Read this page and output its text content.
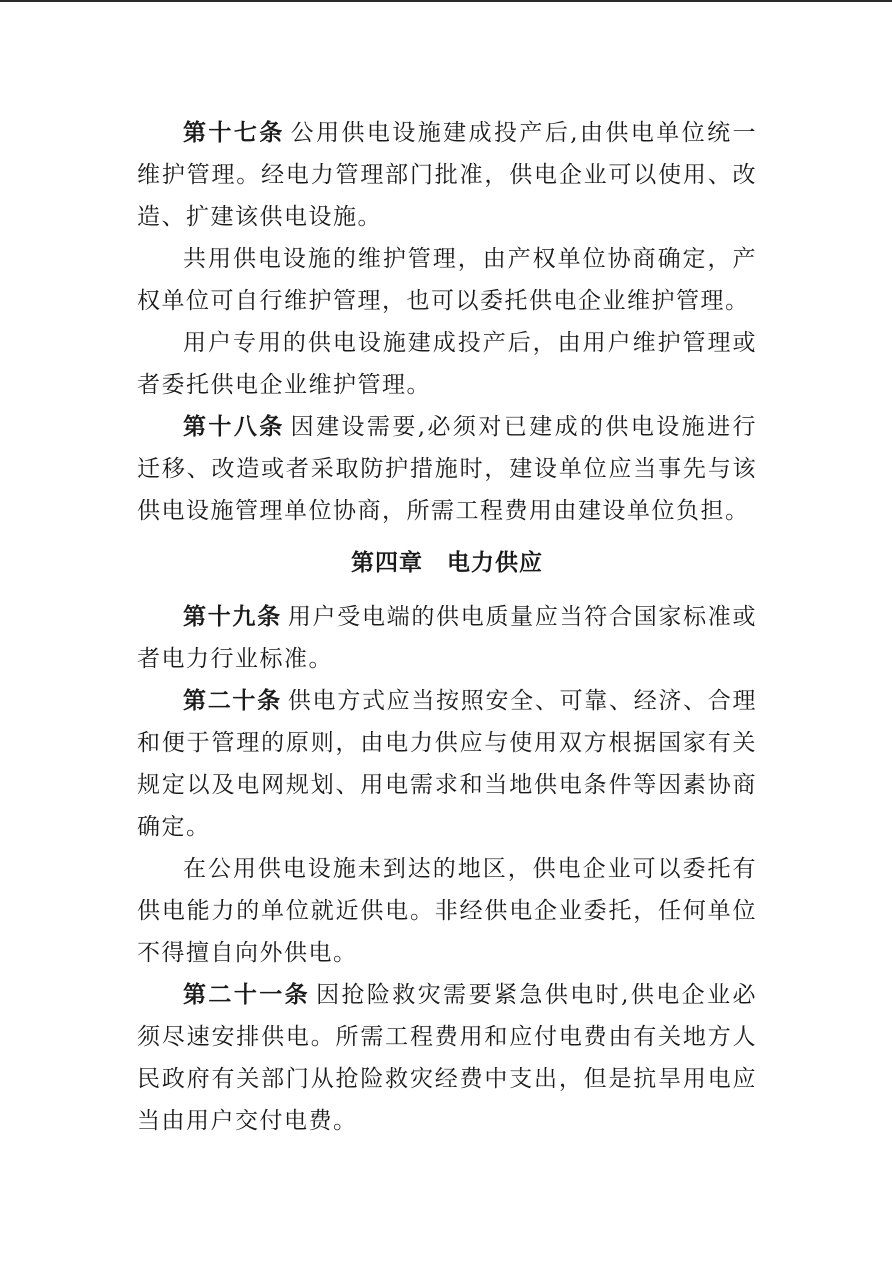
第十七条 公用供电设施建成投产后,由供电单位统一维护管理。经电力管理部门批准，供电企业可以使用、改造、扩建该供电设施。

共用供电设施的维护管理，由产权单位协商确定，产权单位可自行维护管理，也可以委托供电企业维护管理。

用户专用的供电设施建成投产后，由用户维护管理或者委托供电企业维护管理。

第十八条 因建设需要,必须对已建成的供电设施进行迁移、改造或者采取防护措施时，建设单位应当事先与该供电设施管理单位协商，所需工程费用由建设单位负担。

第四章 电力供应

第十九条 用户受电端的供电质量应当符合国家标准或者电力行业标准。

第二十条 供电方式应当按照安全、可靠、经济、合理和便于管理的原则，由电力供应与使用双方根据国家有关规定以及电网规划、用电需求和当地供电条件等因素协商确定。

在公用供电设施未到达的地区，供电企业可以委托有供电能力的单位就近供电。非经供电企业委托，任何单位不得擅自向外供电。

第二十一条 因抢险救灾需要紧急供电时,供电企业必须尽速安排供电。所需工程费用和应付电费由有关地方人民政府有关部门从抢险救灾经费中支出，但是抗旱用电应当由用户交付电费。
